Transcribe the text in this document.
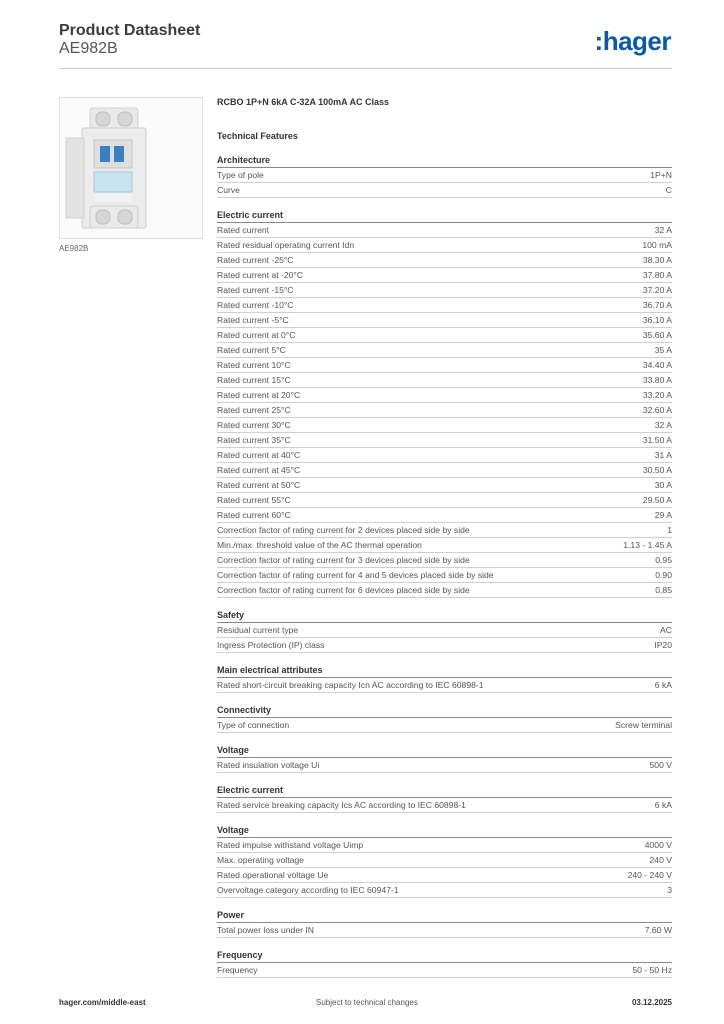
Product Datasheet
AE982B	:hager
AE982B
RCBO 1P+N 6kA C-32A 100mA AC Class
Technical Features
Architecture
Type of pole	1P+N
Curve	C
Electric current
Rated current	32 A
Rated residual operating current Idn	100 mA
Rated current -25°C	38.30 A
Rated current at -20°C	37.80 A
Rated current -15°C	37.20 A
Rated current -10°C	36.70 A
Rated current -5°C	36.10 A
Rated current at 0°C	35.60 A
Rated current 5°C	35 A
Rated current 10°C	34.40 A
Rated current 15°C	33.80 A
Rated current at 20°C	33.20 A
Rated current 25°C	32.60 A
Rated current 30°C	32 A
Rated current 35°C	31.50 A
Rated current at 40°C	31 A
Rated current at 45°C	30.50 A
Rated current at 50°C	30 A
Rated current 55°C	29.50 A
Rated current 60°C	29 A
Correction factor of rating current for 2 devices placed side by side	1
Min./max. threshold value of the AC thermal operation	1.13 - 1.45 A
Correction factor of rating current for 3 devices placed side by side	0.95
Correction factor of rating current for 4 and 5 devices placed side by side	0.90
Correction factor of rating current for 6 devices placed side by side	0.85
Safety
Residual current type	AC
Ingress Protection (IP) class	IP20
Main electrical attributes
Rated short-circuit breaking capacity Icn AC according to IEC 60898-1	6 kA
Connectivity
Type of connection	Screw terminal
Voltage
Rated insulation voltage Ui	500 V
Electric current
Rated service breaking capacity Ics AC according to IEC 60898-1	6 kA
Voltage
Rated impulse withstand voltage Uimp	4000 V
Max. operating voltage	240 V
Rated operational voltage Ue	240 - 240 V
Overvoltage category according to IEC 60947-1	3
Power
Total power loss under IN	7.60 W
Frequency
Frequency	50 - 50 Hz
hager.com/middle-east	Subject to technical changes	03.12.2025
